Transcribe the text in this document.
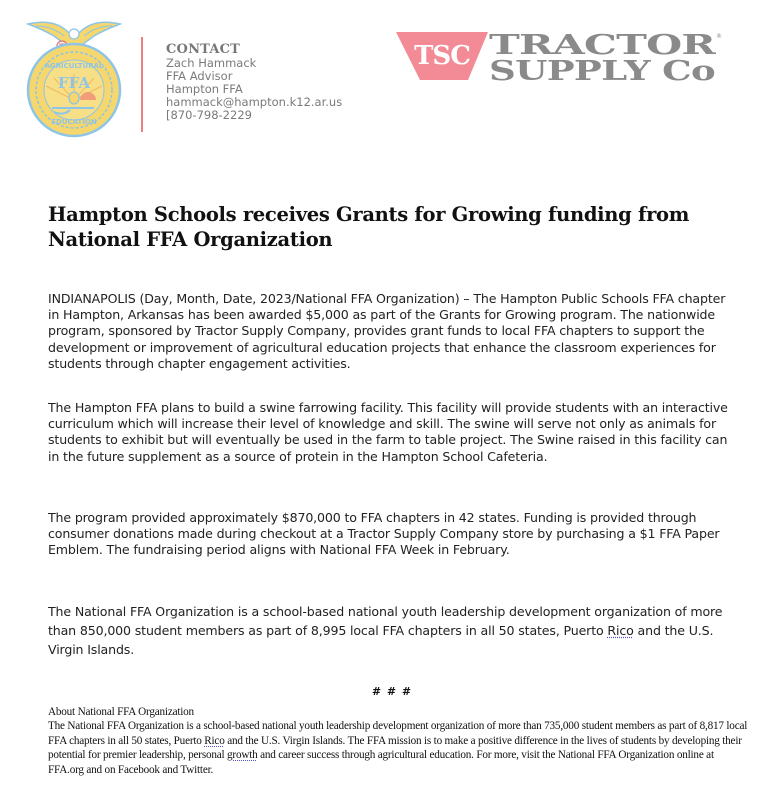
FFA
AGRICULTURAL
EDUCATION
CONTACT
Zach Hammack
FFA Advisor
Hampton FFA
hammack@hampton.k12.ar.us
[870-798-2229
TSC TRACTOR
SUPPLY Co
®
Hampton Schools receives Grants for Growing funding from National FFA Organization

INDIANAPOLIS (Day, Month, Date, 2023/National FFA Organization) – The Hampton Public Schools FFA chapter in Hampton, Arkansas has been awarded $5,000 as part of the Grants for Growing program. The nationwide program, sponsored by Tractor Supply Company, provides grant funds to local FFA chapters to support the development or improvement of agricultural education projects that enhance the classroom experiences for students through chapter engagement activities.

The Hampton FFA plans to build a swine farrowing facility. This facility will provide students with an interactive curriculum which will increase their level of knowledge and skill. The swine will serve not only as animals for students to exhibit but will eventually be used in the farm to table project. The Swine raised in this facility can in the future supplement as a source of protein in the Hampton School Cafeteria.

The program provided approximately $870,000 to FFA chapters in 42 states. Funding is provided through consumer donations made during checkout at a Tractor Supply Company store by purchasing a $1 FFA Paper Emblem. The fundraising period aligns with National FFA Week in February.

The National FFA Organization is a school-based national youth leadership development organization of more than 850,000 student members as part of 8,995 local FFA chapters in all 50 states, Puerto Rico and the U.S. Virgin Islands.

# # #
About National FFA Organization
The National FFA Organization is a school-based national youth leadership development organization of more than 735,000 student members as part of 8,817 local FFA chapters in all 50 states, Puerto Rico and the U.S. Virgin Islands. The FFA mission is to make a positive difference in the lives of students by developing their potential for premier leadership, personal growth and career success through agricultural education. For more, visit the National FFA Organization online at FFA.org and on Facebook and Twitter.
